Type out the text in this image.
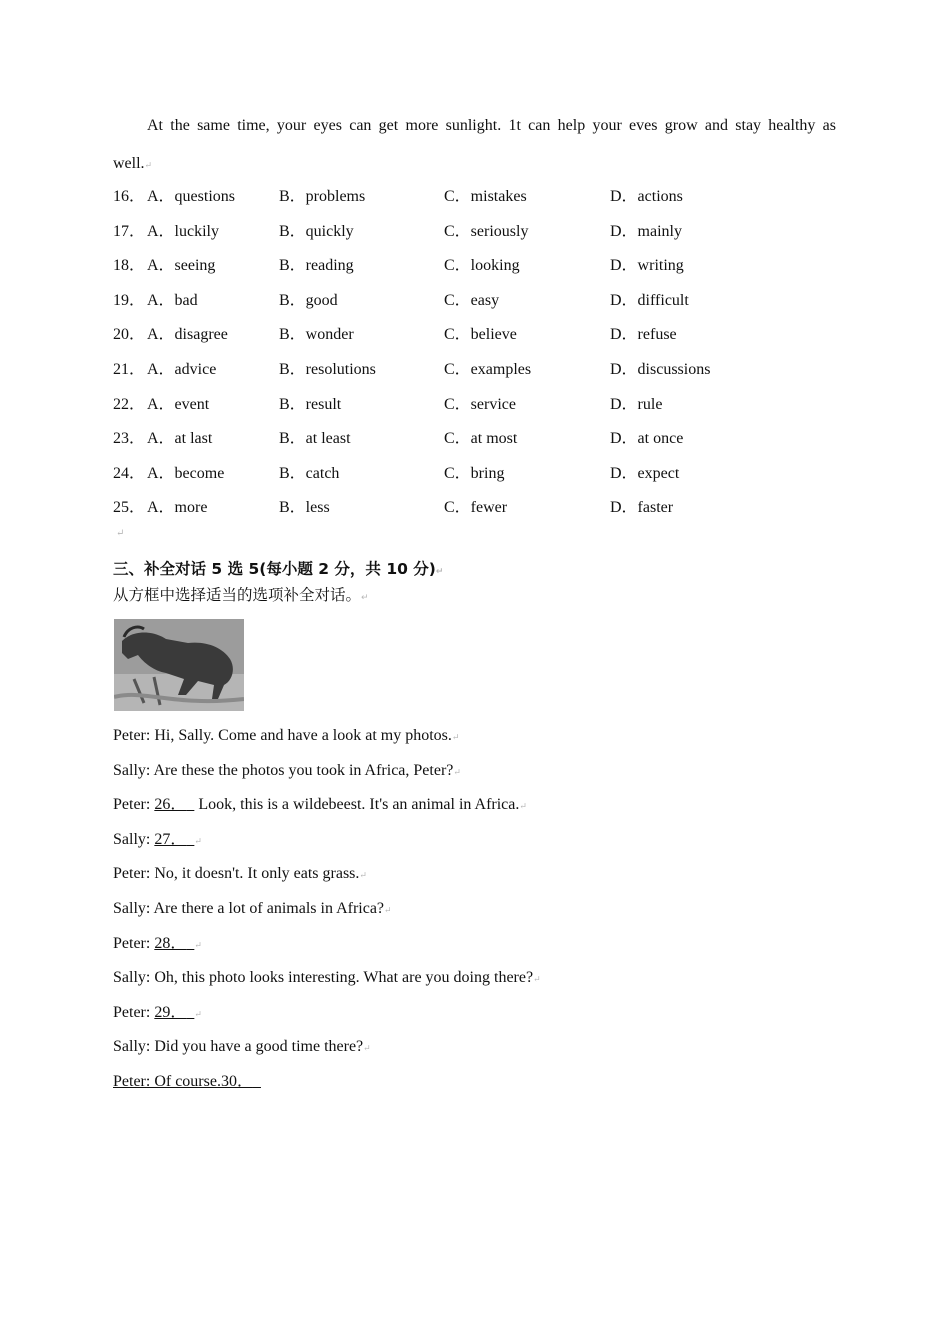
At the same time, your eyes can get more sunlight. 1t can help your eves grow and stay healthy as
well.↵
16． A．questions	B．problems	C．mistakes	D．actions
17． A．luckily	B．quickly	C．seriously	D．mainly
18． A．seeing	B．reading	C．looking	D．writing
19． A．bad	B．good	C．easy	D．difficult
20． A．disagree	B．wonder	C．believe	D．refuse
21． A．advice	B．resolutions	C．examples	D．discussions
22． A．event	B．result	C．service	D．rule
23． A．at last	B．at least	C．at most	D．at once
24． A．become	B．catch	C．bring	D．expect
25． A．more	B．less	C．fewer	D．faster
↵
三、补全对话 5 选 5(每小题 2 分，共 10 分)↵
从方框中选择适当的选项补全对话。↵
Peter: Hi, Sally. Come and have a look at my photos.↵
Sally: Are these the photos you took in Africa, Peter?↵
Peter: 26．   Look, this is a wildebeest. It's an animal in Africa.↵
Sally: 27． ↵
Peter: No, it doesn't. It only eats grass.↵
Sally: Are there a lot of animals in Africa?↵
Peter: 28． ↵
Sally: Oh, this photo looks interesting. What are you doing there?↵
Peter: 29． ↵
Sally: Did you have a good time there?↵
Peter: Of course.30．
